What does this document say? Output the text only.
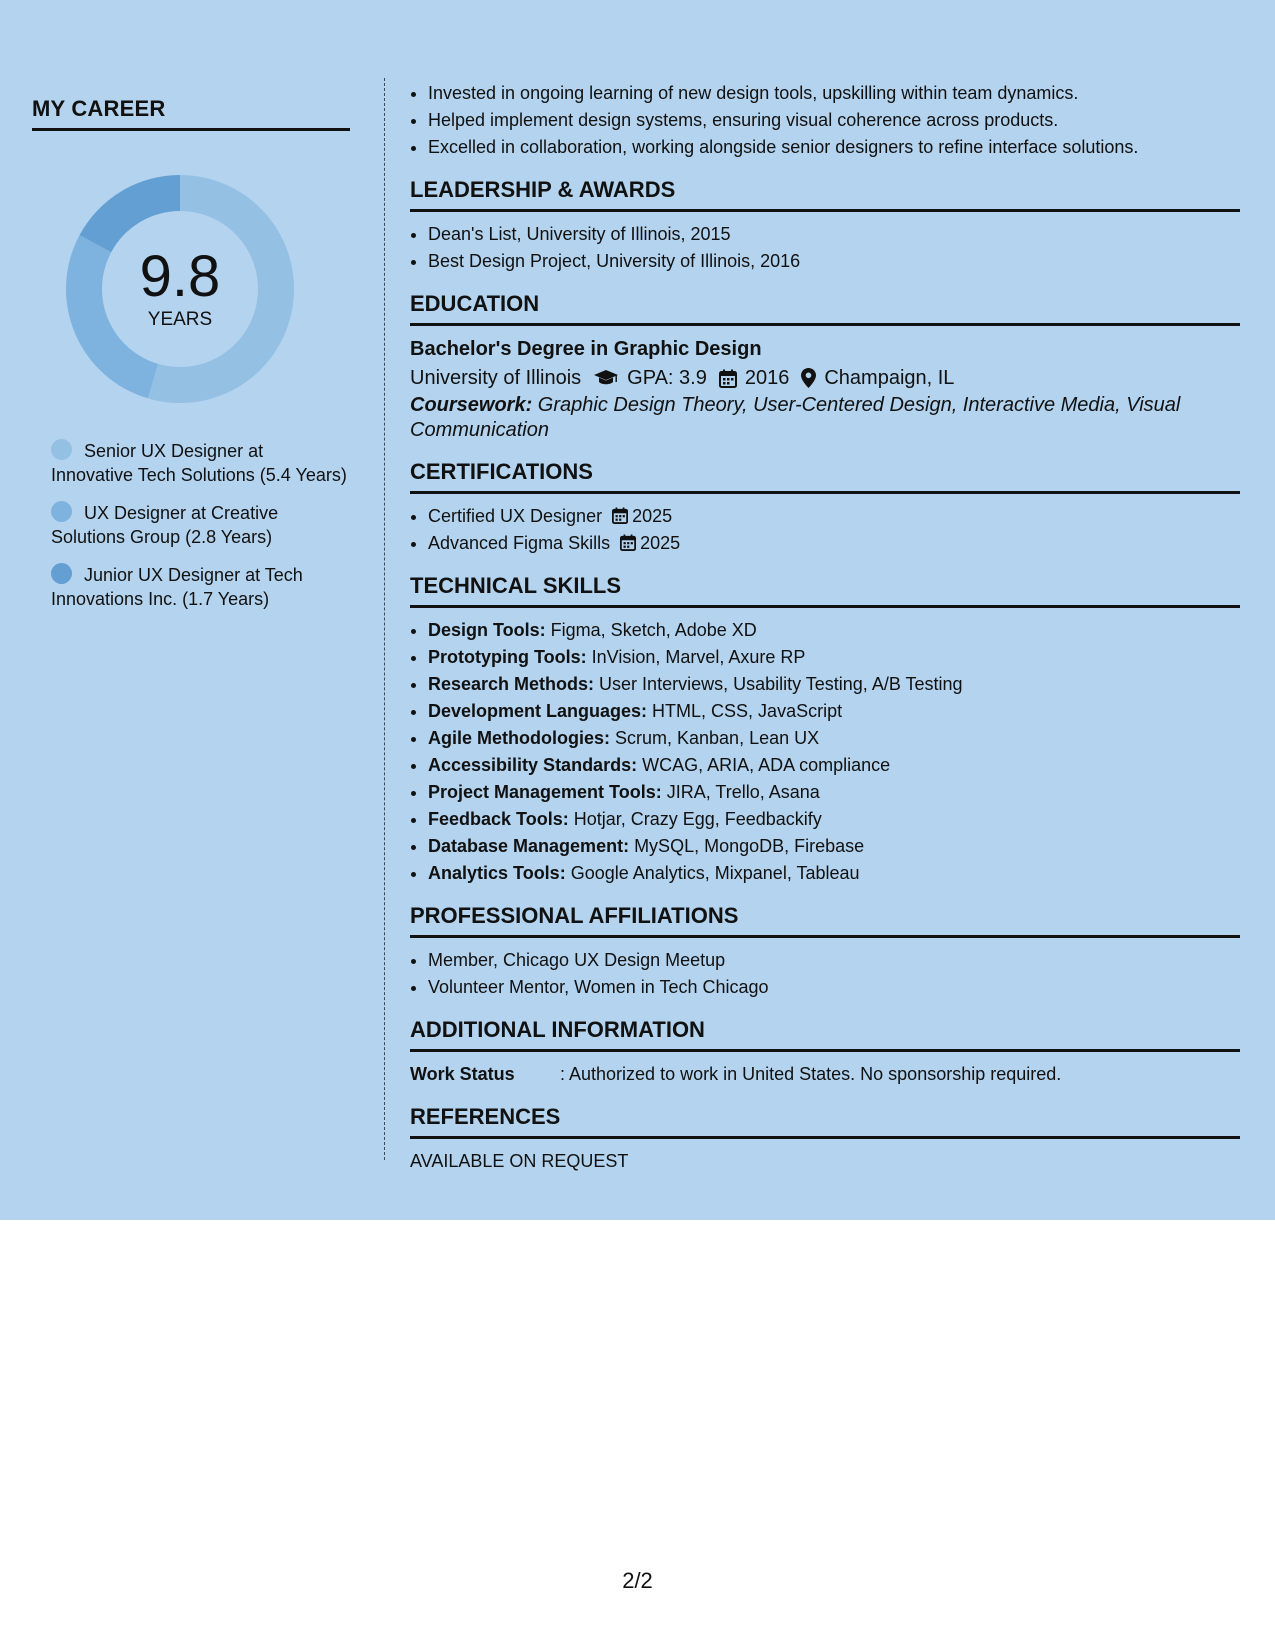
MY CAREER
9.8
YEARS
Senior UX Designer at Innovative Tech Solutions (5.4 Years)
UX Designer at Creative Solutions Group (2.8 Years)
Junior UX Designer at Tech Innovations Inc. (1.7 Years)
• Invested in ongoing learning of new design tools, upskilling within team dynamics.
• Helped implement design systems, ensuring visual coherence across products.
• Excelled in collaboration, working alongside senior designers to refine interface solutions.
LEADERSHIP & AWARDS
• Dean's List, University of Illinois, 2015
• Best Design Project, University of Illinois, 2016
EDUCATION
Bachelor's Degree in Graphic Design
University of Illinois GPA: 3.9 2016 Champaign, IL
Coursework: Graphic Design Theory, User-Centered Design, Interactive Media, Visual Communication
CERTIFICATIONS
• Certified UX Designer 2025
• Advanced Figma Skills 2025
TECHNICAL SKILLS
• Design Tools: Figma, Sketch, Adobe XD
• Prototyping Tools: InVision, Marvel, Axure RP
• Research Methods: User Interviews, Usability Testing, A/B Testing
• Development Languages: HTML, CSS, JavaScript
• Agile Methodologies: Scrum, Kanban, Lean UX
• Accessibility Standards: WCAG, ARIA, ADA compliance
• Project Management Tools: JIRA, Trello, Asana
• Feedback Tools: Hotjar, Crazy Egg, Feedbackify
• Database Management: MySQL, MongoDB, Firebase
• Analytics Tools: Google Analytics, Mixpanel, Tableau
PROFESSIONAL AFFILIATIONS
• Member, Chicago UX Design Meetup
• Volunteer Mentor, Women in Tech Chicago
ADDITIONAL INFORMATION
Work Status	: Authorized to work in United States. No sponsorship required.
REFERENCES
AVAILABLE ON REQUEST
2/2
